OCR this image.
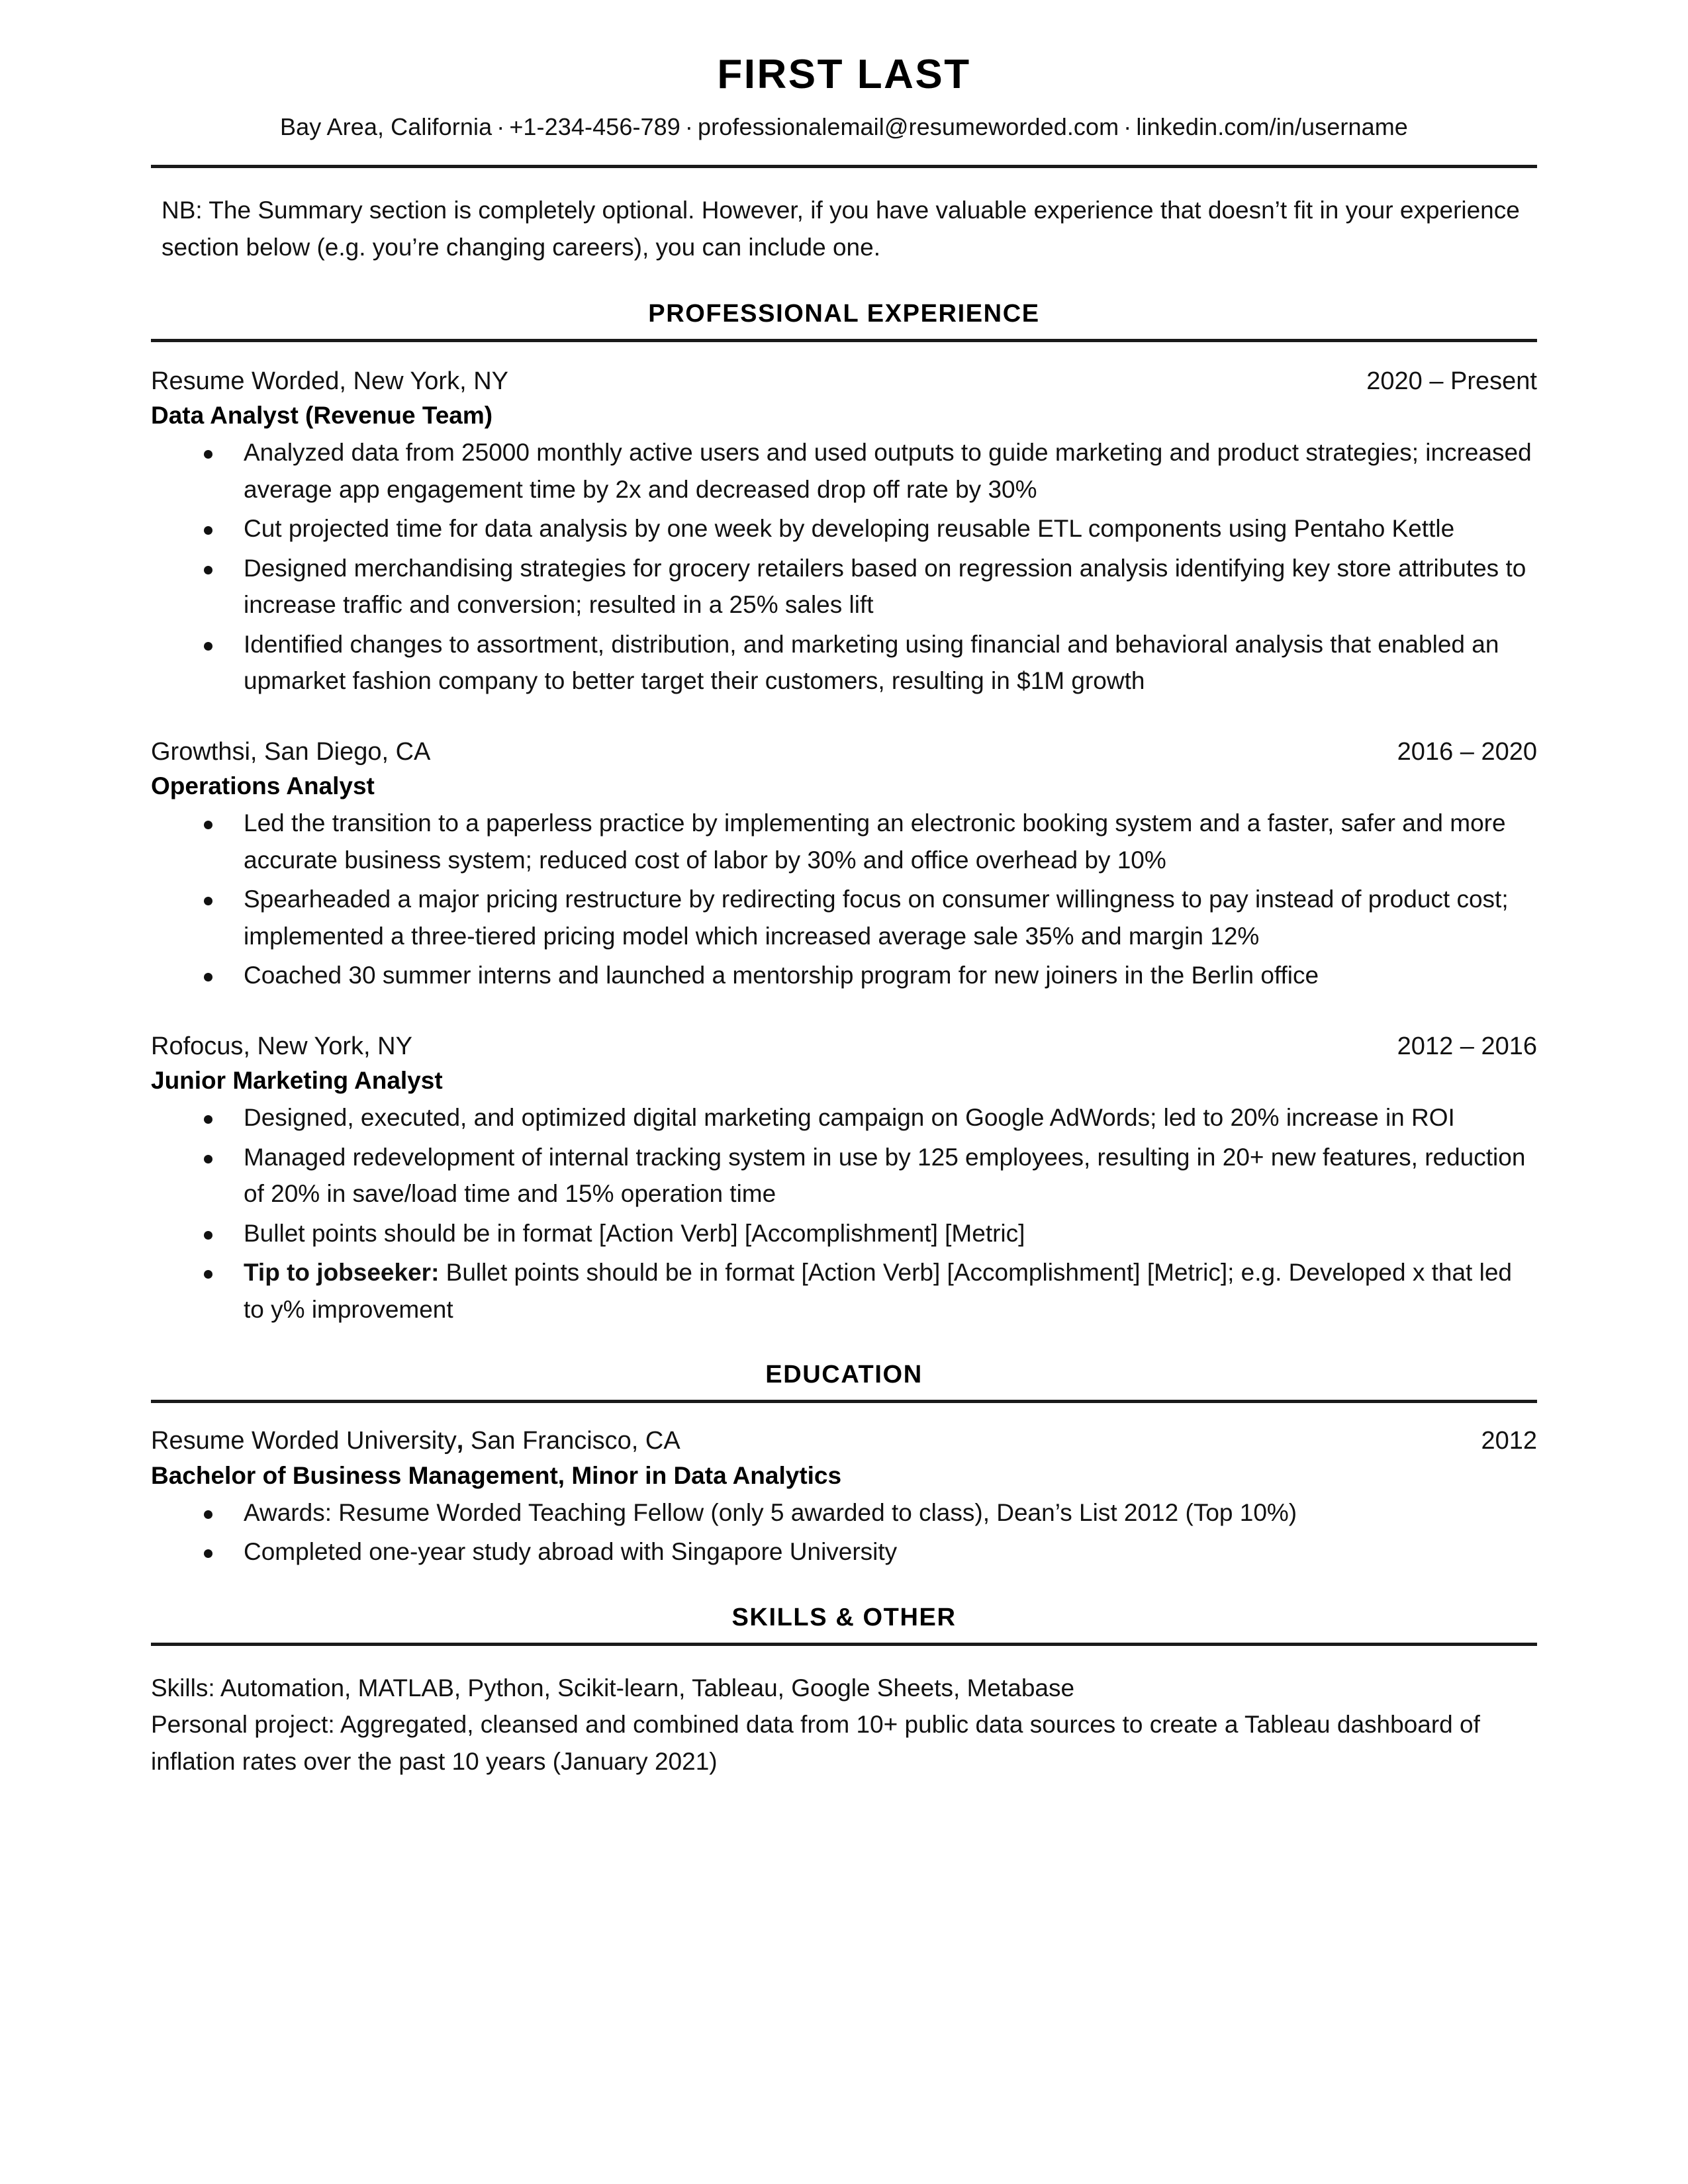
FIRST LAST
Bay Area, California · +1-234-456-789 · professionalemail@resumeworded.com · linkedin.com/in/username

NB: The Summary section is completely optional. However, if you have valuable experience that doesn’t fit in your experience section below (e.g. you’re changing careers), you can include one.

PROFESSIONAL EXPERIENCE
Resume Worded, New York, NY	2020 – Present
Data Analyst (Revenue Team)
Analyzed data from 25000 monthly active users and used outputs to guide marketing and product strategies; increased average app engagement time by 2x and decreased drop off rate by 30%
Cut projected time for data analysis by one week by developing reusable ETL components using Pentaho Kettle
Designed merchandising strategies for grocery retailers based on regression analysis identifying key store attributes to increase traffic and conversion; resulted in a 25% sales lift
Identified changes to assortment, distribution, and marketing using financial and behavioral analysis that enabled an upmarket fashion company to better target their customers, resulting in $1M growth
Growthsi, San Diego, CA	2016 – 2020
Operations Analyst
Led the transition to a paperless practice by implementing an electronic booking system and a faster, safer and more accurate business system; reduced cost of labor by 30% and office overhead by 10%
Spearheaded a major pricing restructure by redirecting focus on consumer willingness to pay instead of product cost; implemented a three-tiered pricing model which increased average sale 35% and margin 12%
Coached 30 summer interns and launched a mentorship program for new joiners in the Berlin office
Rofocus, New York, NY	2012 – 2016
Junior Marketing Analyst
Designed, executed, and optimized digital marketing campaign on Google AdWords; led to 20% increase in ROI
Managed redevelopment of internal tracking system in use by 125 employees, resulting in 20+ new features, reduction of 20% in save/load time and 15% operation time
Bullet points should be in format [Action Verb] [Accomplishment] [Metric]
Tip to jobseeker: Bullet points should be in format [Action Verb] [Accomplishment] [Metric]; e.g. Developed x that led to y% improvement
EDUCATION
Resume Worded University, San Francisco, CA	2012
Bachelor of Business Management, Minor in Data Analytics
Awards: Resume Worded Teaching Fellow (only 5 awarded to class), Dean’s List 2012 (Top 10%)
Completed one-year study abroad with Singapore University
SKILLS & OTHER

Skills: Automation, MATLAB, Python, Scikit-learn, Tableau, Google Sheets, Metabase

Personal project: Aggregated, cleansed and combined data from 10+ public data sources to create a Tableau dashboard of inflation rates over the past 10 years (January 2021)
